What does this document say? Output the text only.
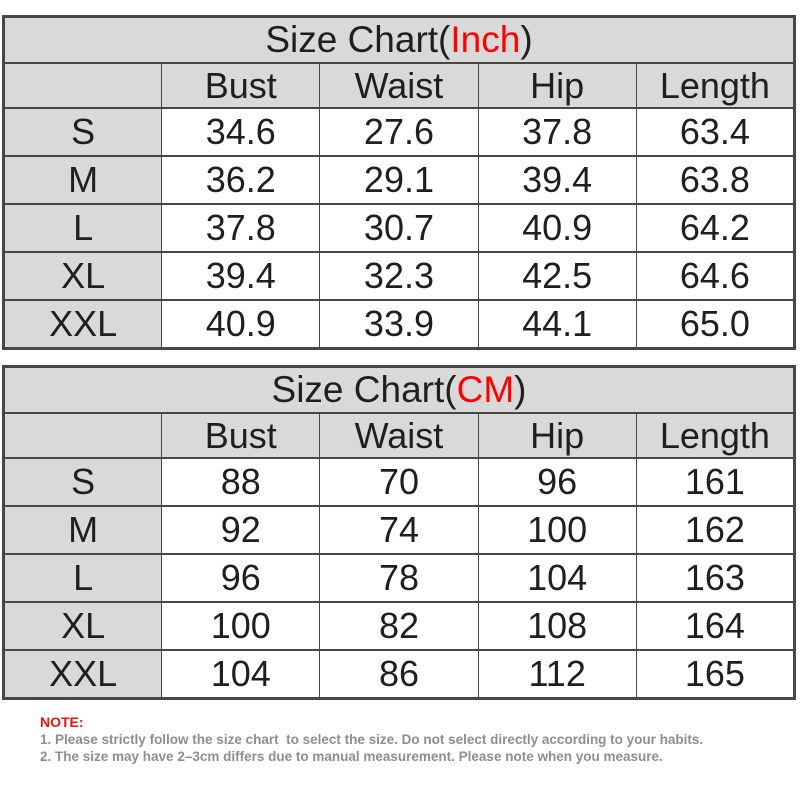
Size Chart(Inch)				
	Bust	Waist	Hip	Length
S	34.6	27.6	37.8	63.4
M	36.2	29.1	39.4	63.8
L	37.8	30.7	40.9	64.2
XL	39.4	32.3	42.5	64.6
XXL	40.9	33.9	44.1	65.0
Size Chart(CM)				
	Bust	Waist	Hip	Length
S	88	70	96	161
M	92	74	100	162
L	96	78	104	163
XL	100	82	108	164
XXL	104	86	112	165
NOTE:
1. Please strictly follow the size chart  to select the size. Do not select directly according to your habits.
2. The size may have 2–3cm differs due to manual measurement. Please note when you measure.
